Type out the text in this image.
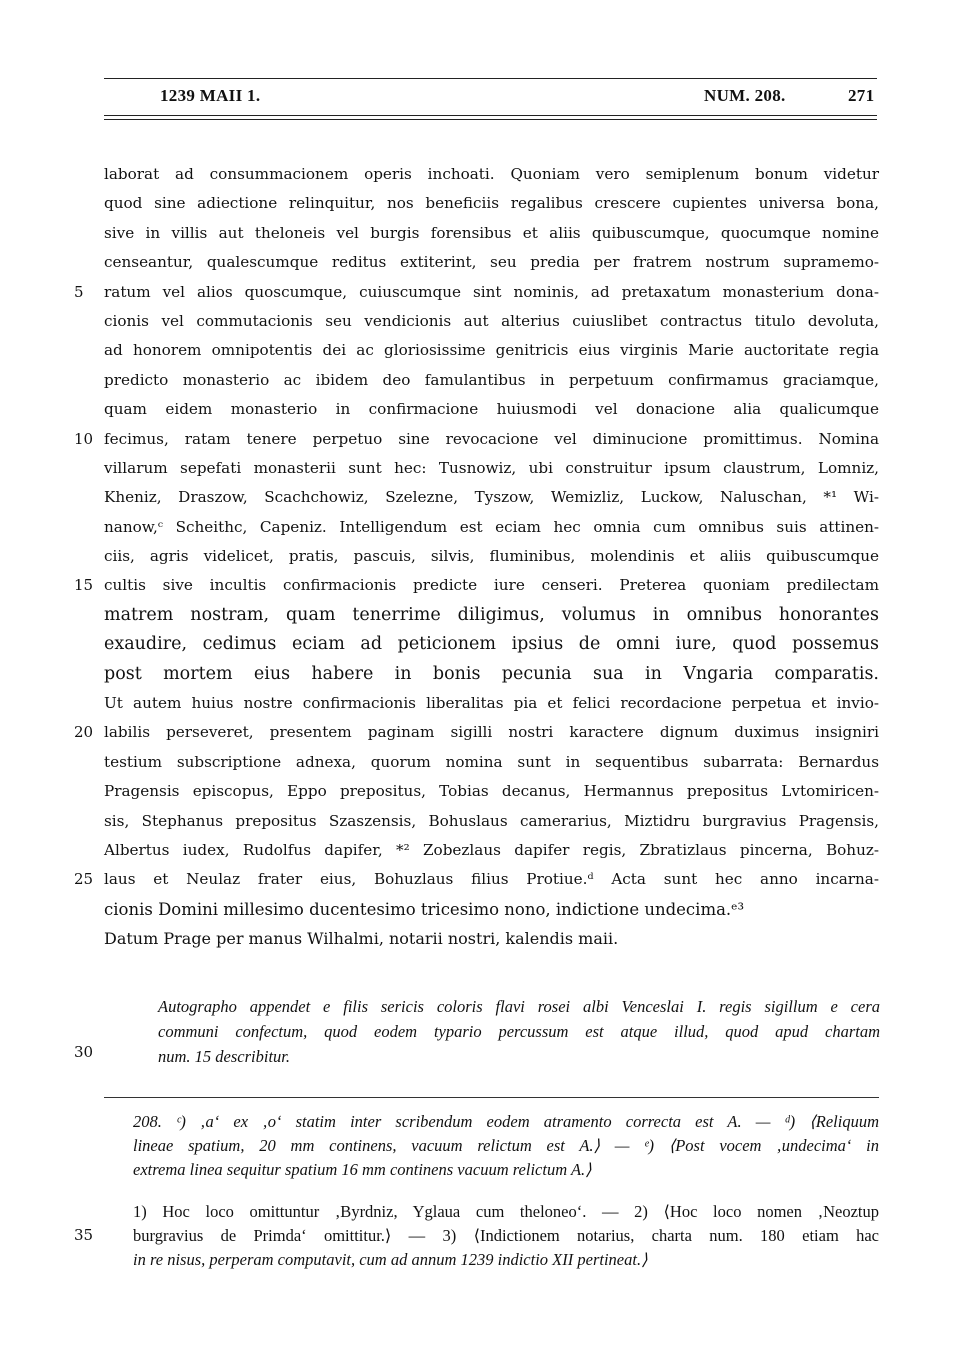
1239 MAII 1.	NUM. 208.	271
laborat ad consummacionem operis inchoati. Quoniam vero semiplenum bonum videtur
quod sine adiectione relinquitur, nos beneficiis regalibus crescere cupientes universa bona,
sive in villis aut theloneis vel burgis forensibus et aliis quibuscumque, quocumque nomine
censeantur, qualescumque reditus extiterint, seu predia per fratrem nostrum supramemo-
5	ratum vel alios quoscumque, cuiuscumque sint nominis, ad pretaxatum monasterium dona-
cionis vel commutacionis seu vendicionis aut alterius cuiuslibet contractus titulo devoluta,
ad honorem omnipotentis dei ac gloriosissime genitricis eius virginis Marie auctoritate regia
predicto monasterio ac ibidem deo famulantibus in perpetuum confirmamus graciamque,
quam eidem monasterio in confirmacione huiusmodi vel donacione alia qualicumque
10 fecimus, ratam tenere perpetuo sine revocacione vel diminucione promittimus. Nomina
villarum sepefati monasterii sunt hec: Tusnowiz, ubi construitur ipsum claustrum, Lomniz,
Kheniz, Draszow, Scachchowiz, Szelezne, Tyszow, Wemizliz, Luckow, Naluschan, *¹ Wi-
nanow,ᶜ Scheithc, Capeniz. Intelligendum est eciam hec omnia cum omnibus suis attinen-
ciis, agris videlicet, pratis, pascuis, silvis, fluminibus, molendinis et aliis quibuscumque
15 cultis sive incultis confirmacionis predicte iure censeri. Preterea quoniam predilectam
matrem nostram, quam tenerrime diligimus, volumus in omnibus honorantes
exaudire, cedimus eciam ad peticionem ipsius de omni iure, quod possemus
post mortem eius habere in bonis pecunia sua in Vngaria comparatis.
Ut autem huius nostre confirmacionis liberalitas pia et felici recordacione perpetua et invio-
20 labilis perseveret, presentem paginam sigilli nostri karactere dignum duximus insigniri
testium subscriptione adnexa, quorum nomina sunt in sequentibus subarrata: Bernardus
Pragensis episcopus, Eppo prepositus, Tobias decanus, Hermannus prepositus Lvtomiricen-
sis, Stephanus prepositus Szaszensis, Bohuslaus camerarius, Miztidru burgravius Pragensis,
Albertus iudex, Rudolfus dapifer, *² Zobezlaus dapifer regis, Zbratizlaus pincerna, Bohuz-
25 laus et Neulaz frater eius, Bohuzlaus filius Protiue.ᵈ Acta sunt hec anno incarna-
cionis Domini millesimo ducentesimo tricesimo nono, indictione undecima.ᵉ³
Datum Prage per manus Wilhalmi, notarii nostri, kalendis maii.
Autographo appendet e filis sericis coloris flavi rosei albi Venceslai I. regis sigillum e cera
communi confectum, quod eodem typario percussum est atque illud, quod apud chartam
num. 15 describitur.
30
208. ᶜ) ‚a‘ ex ‚o‘ statim inter scribendum eodem atramento correcta est A. — ᵈ) ⟨Reliquum
lineae spatium, 20 mm continens, vacuum relictum est A.⟩ — ᵉ) ⟨Post vocem ‚undecima‘ in
extrema linea sequitur spatium 16 mm continens vacuum relictum A.⟩
1) Hoc loco omittuntur ‚Byrdniz, Yglaua cum theloneo‘. — 2) ⟨Hoc loco nomen ‚Neoztup
burgravius de Primda‘ omittitur.⟩ — 3) ⟨Indictionem notarius, charta num. 180 etiam hac
in re nisus, perperam computavit, cum ad annum 1239 indictio XII pertineat.⟩
35
